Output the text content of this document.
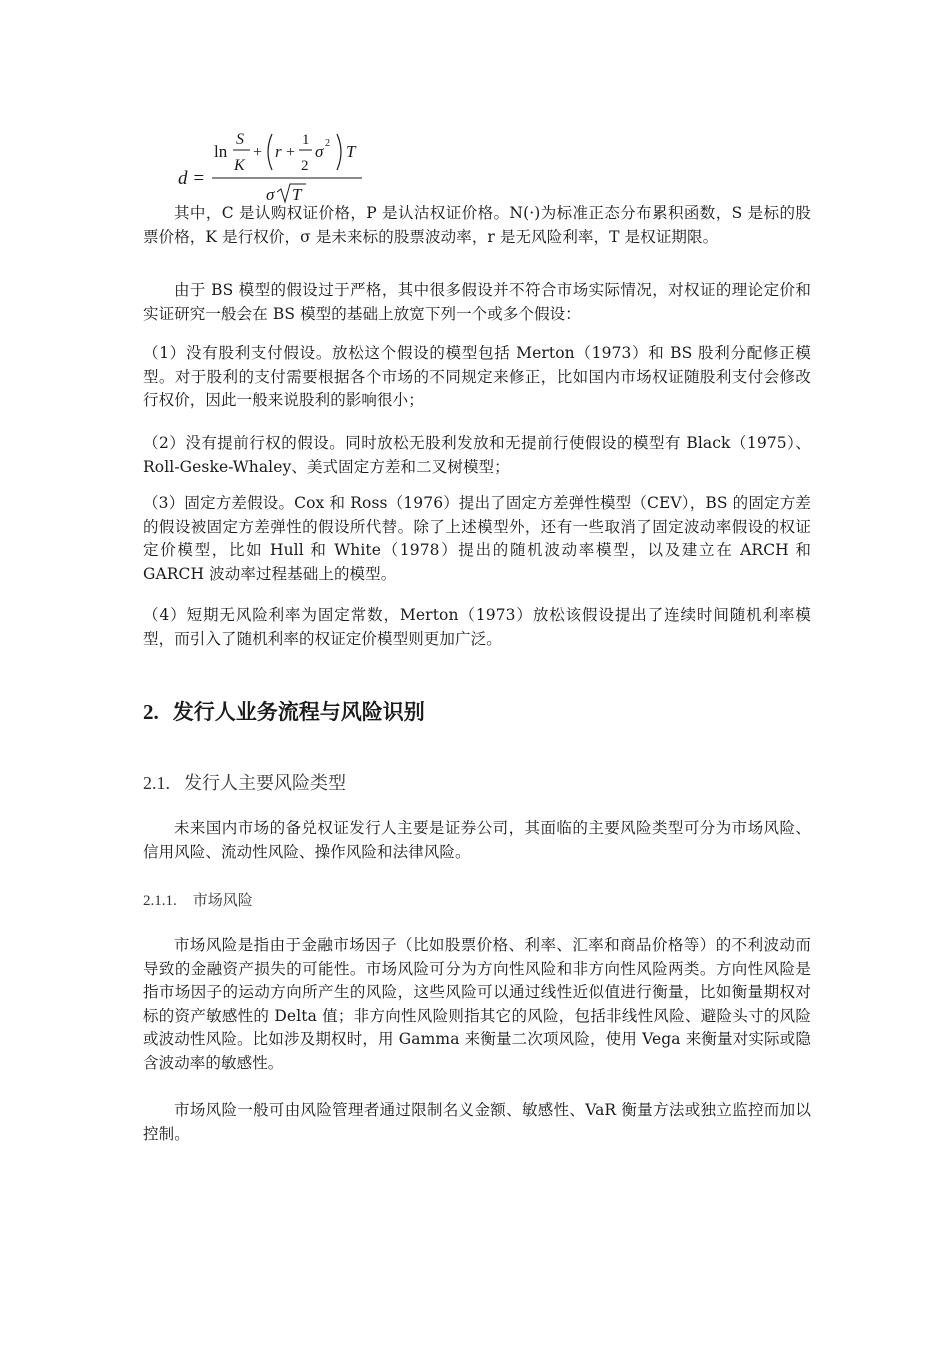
d =
ln
S
K
+ r +
1
2
σ 2 T
σ T

其中，C 是认购权证价格，P 是认沽权证价格。N(·)为标准正态分布累积函数，S 是标的股票价格，K 是行权价，σ 是未来标的股票波动率，r 是无风险利率，T 是权证期限。

由于 BS 模型的假设过于严格，其中很多假设并不符合市场实际情况，对权证的理论定价和实证研究一般会在 BS 模型的基础上放宽下列一个或多个假设：

（1）没有股利支付假设。放松这个假设的模型包括 Merton（1973）和 BS 股利分配修正模型。对于股利的支付需要根据各个市场的不同规定来修正，比如国内市场权证随股利支付会修改行权价，因此一般来说股利的影响很小；

（2）没有提前行权的假设。同时放松无股利发放和无提前行使假设的模型有 Black（1975）、Roll-Geske-Whaley、美式固定方差和二叉树模型；

（3）固定方差假设。Cox 和 Ross（1976）提出了固定方差弹性模型（CEV），BS 的固定方差的假设被固定方差弹性的假设所代替。除了上述模型外，还有一些取消了固定波动率假设的权证定价模型，比如 Hull 和 White（1978）提出的随机波动率模型，以及建立在 ARCH 和 GARCH 波动率过程基础上的模型。

（4）短期无风险利率为固定常数，Merton（1973）放松该假设提出了连续时间随机利率模型，而引入了随机利率的权证定价模型则更加广泛。

2. 发行人业务流程与风险识别
2.1. 发行人主要风险类型

未来国内市场的备兑权证发行人主要是证券公司，其面临的主要风险类型可分为市场风险、信用风险、流动性风险、操作风险和法律风险。

2.1.1. 市场风险

市场风险是指由于金融市场因子（比如股票价格、利率、汇率和商品价格等）的不利波动而导致的金融资产损失的可能性。市场风险可分为方向性风险和非方向性风险两类。方向性风险是指市场因子的运动方向所产生的风险，这些风险可以通过线性近似值进行衡量，比如衡量期权对标的资产敏感性的 Delta 值；非方向性风险则指其它的风险，包括非线性风险、避险头寸的风险或波动性风险。比如涉及期权时，用 Gamma 来衡量二次项风险，使用 Vega 来衡量对实际或隐含波动率的敏感性。

市场风险一般可由风险管理者通过限制名义金额、敏感性、VaR 衡量方法或独立监控而加以控制。
